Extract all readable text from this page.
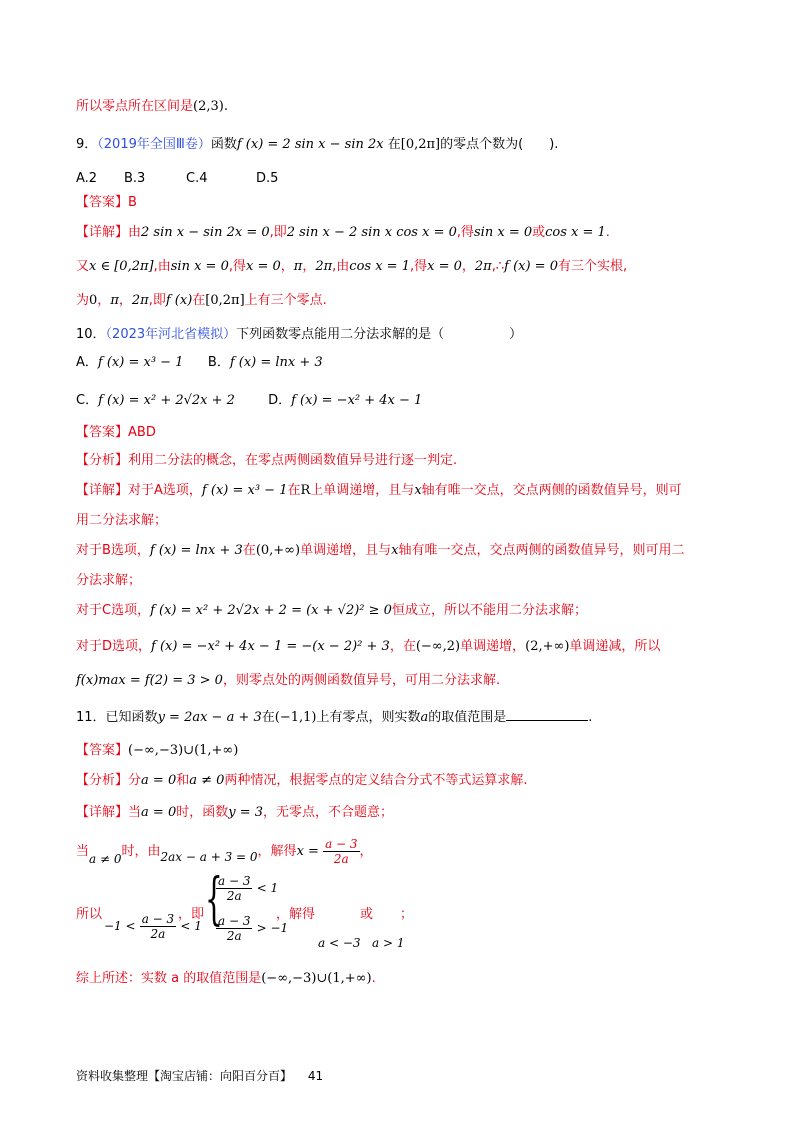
所以零点所在区间是(2,3).
9．（2019年全国Ⅲ卷）函数f (x) = 2 sin x − sin 2x 在[0,2π]的零点个数为(　　).
A.2 B.3	C.4	D.5
【答案】B
【详解】由2 sin x − sin 2x = 0,即2 sin x − 2 sin x cos x = 0,得sin x = 0或cos x = 1.
又x ∈ [0,2π],由sin x = 0,得x = 0，π，2π,由cos x = 1,得x = 0，2π,∴f (x) = 0有三个实根,
为0，π，2π,即f (x)在[0,2π]上有三个零点.
10．（2023年河北省模拟）下列函数零点能用二分法求解的是（　　　　　）
A．f (x) = x³ − 1 B．f (x) = lnx + 3
C．f (x) = x² + 2√2x + 2	D．f (x) = −x² + 4x − 1
【答案】ABD
【分析】利用二分法的概念，在零点两侧函数值异号进行逐一判定.
【详解】对于A选项，f (x) = x³ − 1在R上单调递增，且与x轴有唯一交点，交点两侧的函数值异号，则可
用二分法求解；
对于B选项，f (x) = lnx + 3在(0,+∞)单调递增，且与x轴有唯一交点，交点两侧的函数值异号，则可用二
分法求解；
对于C选项，f (x) = x² + 2√2x + 2 = (x + √2)² ≥ 0恒成立，所以不能用二分法求解；
对于D选项，f (x) = −x² + 4x − 1 = −(x − 2)² + 3，在(−∞,2)单调递增，(2,+∞)单调递减，所以
f(x)max = f(2) = 3 > 0，则零点处的两侧函数值异号，可用二分法求解.
11．已知函数y = 2ax − a + 3在(−1,1)上有零点，则实数a的取值范围是	.
【答案】(−∞,−3)∪(1,+∞)
【分析】分a = 0和a ≠ 0两种情况，根据零点的定义结合分式不等式运算求解.
【详解】当a = 0时，函数y = 3，无零点，不合题意；
当a ≠ 0时，由2ax − a + 3 = 0，解得$x = \frac{a - 3}{2a}$ ，
所以
$-1 < \frac{a - 3}{2a} < 1$
，即 {
$\frac{a - 3}{2a} < 1$
$\frac{a - 3}{2a} > -1$
，解得	或 ；
a < −3 a > 1
综上所述：实数 a 的取值范围是(−∞,−3)∪(1,+∞).
资料收集整理【淘宝店铺：向阳百分百】 41
